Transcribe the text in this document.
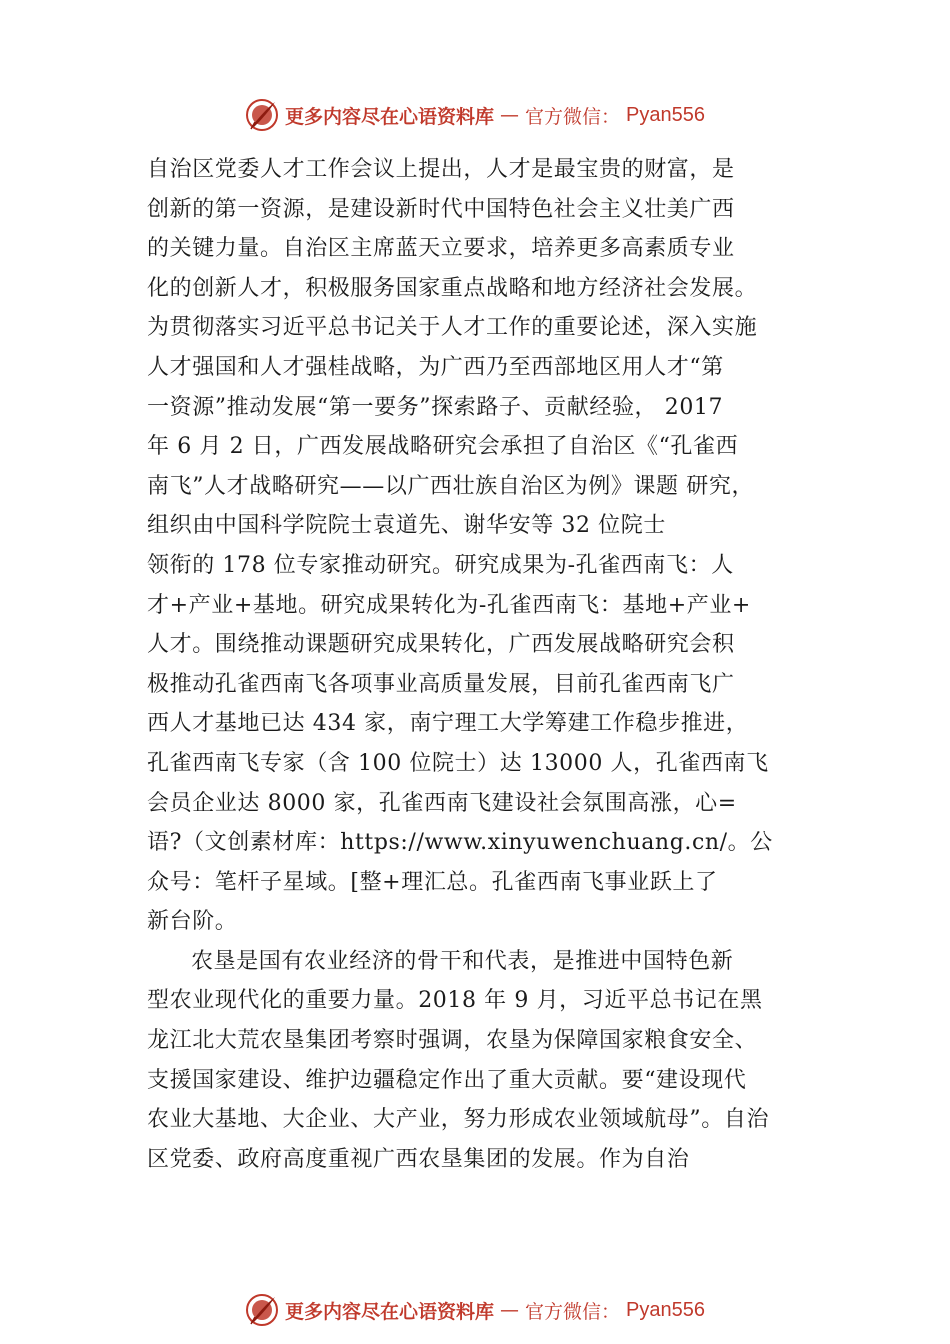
更多内容尽在心语资料库 — 官方微信： Pyan556
自治区党委人才工作会议上提出，人才是最宝贵的财富，是
创新的第一资源，是建设新时代中国特色社会主义壮美广西
的关键力量。自治区主席蓝天立要求，培养更多高素质专业
化的创新人才，积极服务国家重点战略和地方经济社会发展。
为贯彻落实习近平总书记关于人才工作的重要论述，深入实施
人才强国和人才强桂战略，为广西乃至西部地区用人才“第
一资源”推动发展“第一要务”探索路子、贡献经验， 2017
年 6 月 2 日，广西发展战略研究会承担了自治区《“孔雀西
南飞”人才战略研究——以广西壮族自治区为例》课题 研究，
组织由中国科学院院士袁道先、谢华安等 32 位院士
领衔的 178 位专家推动研究。研究成果为-孔雀西南飞：人
才+产业+基地。研究成果转化为-孔雀西南飞：基地+产业+
人才。围绕推动课题研究成果转化，广西发展战略研究会积
极推动孔雀西南飞各项事业高质量发展，目前孔雀西南飞广
西人才基地已达 434 家，南宁理工大学筹建工作稳步推进，
孔雀西南飞专家（含 100 位院士）达 13000 人，孔雀西南飞
会员企业达 8000 家，孔雀西南飞建设社会氛围高涨，心=
语?（文创素材库：https://www.xinyuwenchuang.cn/。公
众号：笔杆子星域。[整+理汇总。孔雀西南飞事业跃上了
新台阶。
农垦是国有农业经济的骨干和代表，是推进中国特色新
型农业现代化的重要力量。2018 年 9 月，习近平总书记在黑
龙江北大荒农垦集团考察时强调，农垦为保障国家粮食安全、
支援国家建设、维护边疆稳定作出了重大贡献。要“建设现代
农业大基地、大企业、大产业，努力形成农业领域航母”。自治
区党委、政府高度重视广西农垦集团的发展。作为自治
更多内容尽在心语资料库 — 官方微信： Pyan556
